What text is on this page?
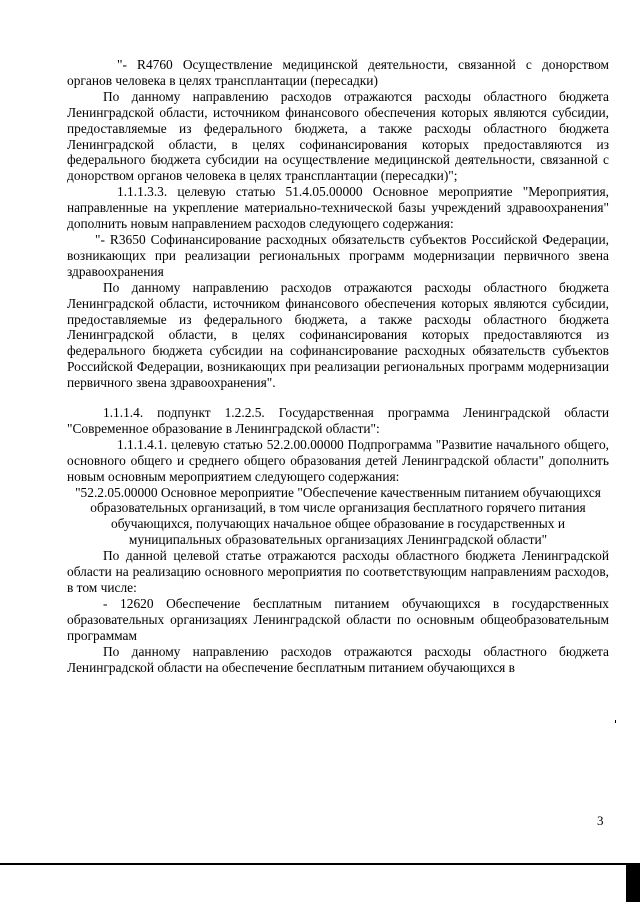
"- R4760 Осуществление медицинской деятельности, связанной с донорством органов человека в целях трансплантации (пересадки)

По данному направлению расходов отражаются расходы областного бюджета Ленинградской области, источником финансового обеспечения которых являются субсидии, предоставляемые из федерального бюджета, а также расходы областного бюджета Ленинградской области, в целях софинансирования которых предоставляются из федерального бюджета субсидии на осуществление медицинской деятельности, связанной с донорством органов человека в целях трансплантации (пересадки)";

1.1.1.3.3. целевую статью 51.4.05.00000 Основное мероприятие "Мероприятия, направленные на укрепление материально-технической базы учреждений здравоохранения" дополнить новым направлением расходов следующего содержания:

"- R3650 Софинансирование расходных обязательств субъектов Российской Федерации, возникающих при реализации региональных программ модернизации первичного звена здравоохранения

По данному направлению расходов отражаются расходы областного бюджета Ленинградской области, источником финансового обеспечения которых являются субсидии, предоставляемые из федерального бюджета, а также расходы областного бюджета Ленинградской области, в целях софинансирования которых предоставляются из федерального бюджета субсидии на софинансирование расходных обязательств субъектов Российской Федерации, возникающих при реализации региональных программ модернизации первичного звена здравоохранения".

1.1.1.4. подпункт 1.2.2.5. Государственная программа Ленинградской области "Современное образование в Ленинградской области":

1.1.1.4.1. целевую статью 52.2.00.00000 Подпрограмма "Развитие начального общего, основного общего и среднего общего образования детей Ленинградской области" дополнить новым основным мероприятием следующего содержания:

"52.2.05.00000 Основное мероприятие "Обеспечение качественным питанием обучающихся образовательных организаций, в том числе организация бесплатного горячего питания обучающихся, получающих начальное общее образование в государственных и муниципальных образовательных организациях Ленинградской области"

По данной целевой статье отражаются расходы областного бюджета Ленинградской области на реализацию основного мероприятия по соответствующим направлениям расходов, в том числе:

- 12620 Обеспечение бесплатным питанием обучающихся в государственных образовательных организациях Ленинградской области по основным общеобразовательным программам

По данному направлению расходов отражаются расходы областного бюджета Ленинградской области на обеспечение бесплатным питанием обучающихся в

3
